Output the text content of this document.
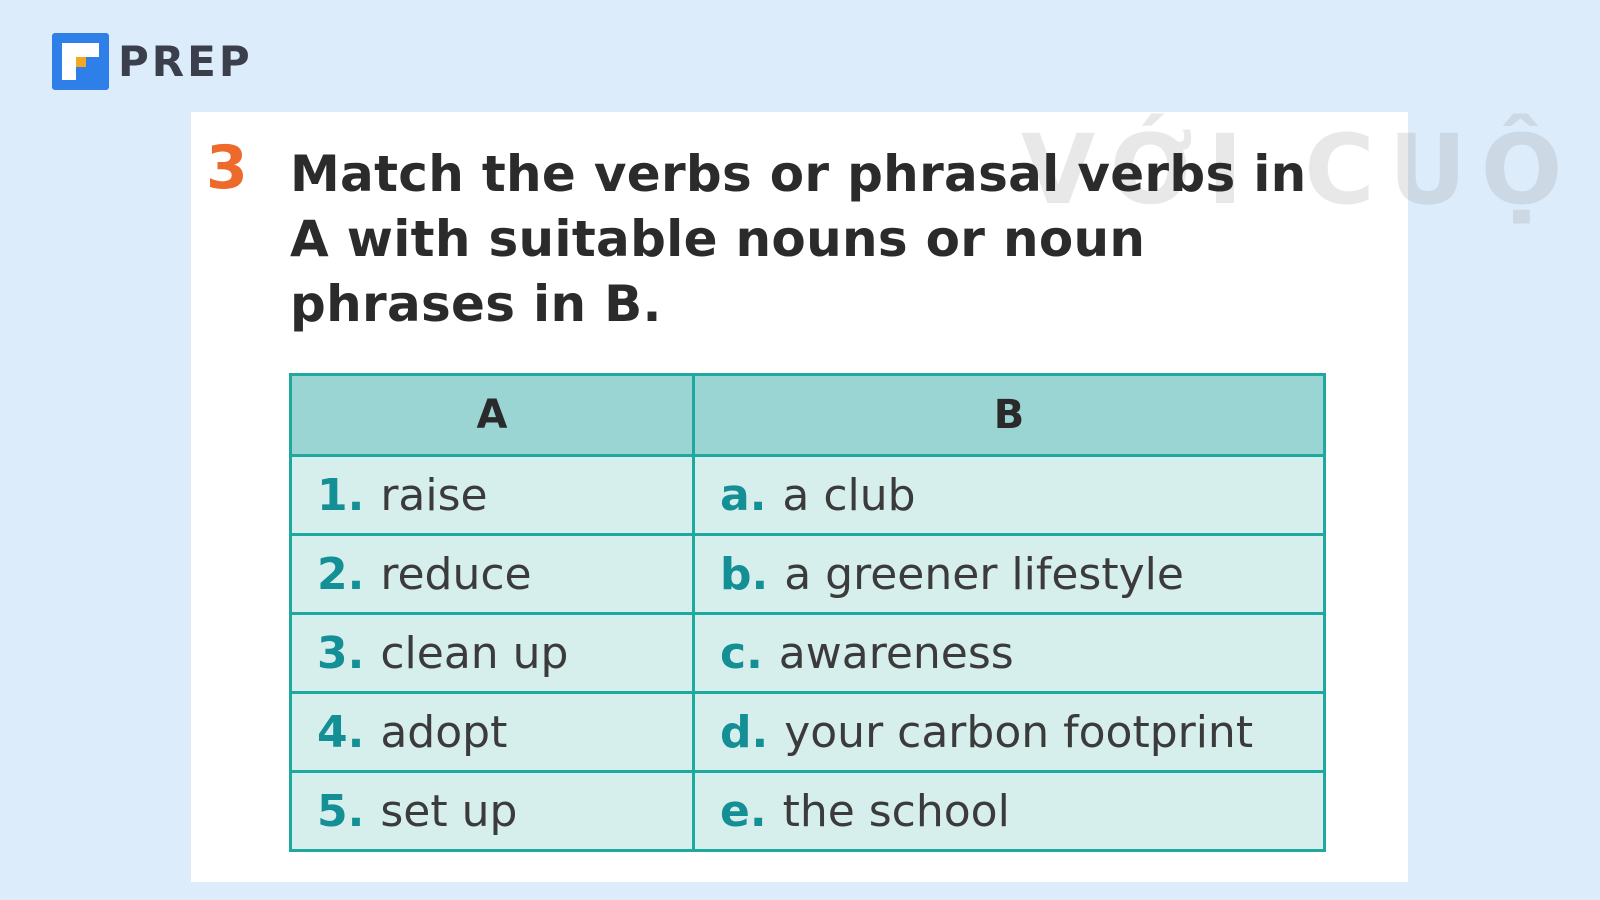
PREP
VỚI CUỘ
3 Match the verbs or phrasal verbs in A with suitable nouns or noun phrases in B.

A	B
1. raise	a. a club
2. reduce	b. a greener lifestyle
3. clean up	c. awareness
4. adopt	d. your carbon footprint
5. set up	e. the school
